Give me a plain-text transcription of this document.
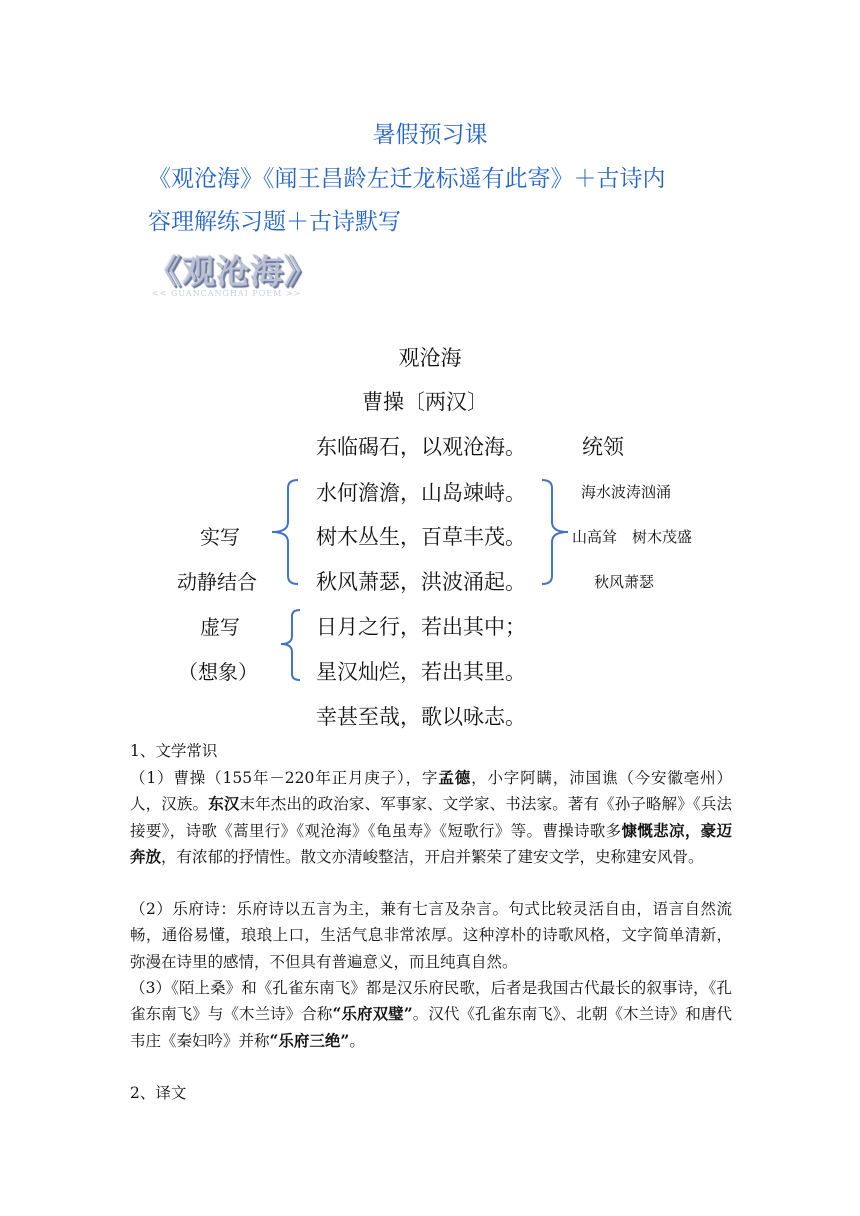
暑假预习课
《观沧海》《闻王昌龄左迁龙标遥有此寄》＋古诗内
容理解练习题＋古诗默写
《观沧海》
<< GUANCANGHAI POEM >>
观沧海
曹操〔两汉〕
东临碣石，以观沧海。	统领
水何澹澹，山岛竦峙。
树木丛生，百草丰茂。
秋风萧瑟，洪波涌起。
日月之行，若出其中；
星汉灿烂，若出其里。
幸甚至哉，歌以咏志。
海水波涛汹涌
山高耸　树木茂盛
秋风萧瑟
实写
动静结合
虚写
（想象）
1、文学常识
（1）曹操（155年－220年正月庚子），字孟德，小字阿瞒，沛国谯（今安徽亳州）人，汉族。东汉末年杰出的政治家、军事家、文学家、书法家。著有《孙子略解》《兵法接要》，诗歌《蒿里行》《观沧海》《龟虽寿》《短歌行》等。曹操诗歌多慷慨悲凉，豪迈奔放，有浓郁的抒情性。散文亦清峻整洁，开启并繁荣了建安文学，史称建安风骨。
（2）乐府诗：乐府诗以五言为主，兼有七言及杂言。句式比较灵活自由，语言自然流畅，通俗易懂，琅琅上口，生活气息非常浓厚。这种淳朴的诗歌风格，文字简单清新，弥漫在诗里的感情，不但具有普遍意义，而且纯真自然。
（3）《陌上桑》和《孔雀东南飞》都是汉乐府民歌，后者是我国古代最长的叙事诗，《孔雀东南飞》与《木兰诗》合称“乐府双璧”。汉代《孔雀东南飞》、北朝《木兰诗》和唐代韦庄《秦妇吟》并称“乐府三绝”。
2、译文
